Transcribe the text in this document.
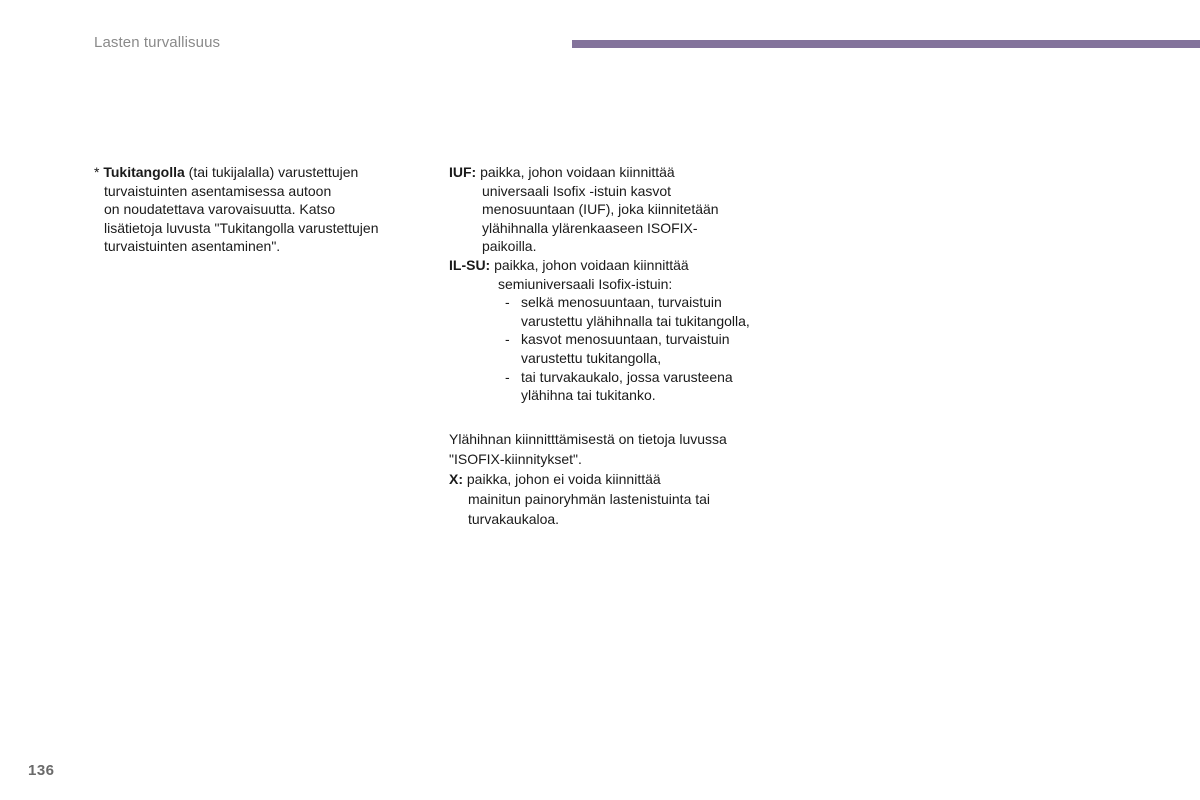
Lasten turvallisuus
* Tukitangolla (tai tukijalalla) varustettujen
turvaistuinten asentamisessa autoon
on noudatettava varovaisuutta. Katso
lisätietoja luvusta "Tukitangolla varustettujen
turvaistuinten asentaminen".
IUF: paikka, johon voidaan kiinnittää
universaali Isofix -istuin kasvot
menosuuntaan (IUF), joka kiinnitetään
ylähihnalla ylärenkaaseen ISOFIX-
paikoilla.
IL-SU: paikka, johon voidaan kiinnittää
semiuniversaali Isofix-istuin:
- selkä menosuuntaan, turvaistuin
varustettu ylähihnalla tai tukitangolla,
- kasvot menosuuntaan, turvaistuin
varustettu tukitangolla,
- tai turvakaukalo, jossa varusteena
ylähihna tai tukitanko.
Ylähihnan kiinnitttämisestä on tietoja luvussa
"ISOFIX-kiinnitykset".
X: paikka, johon ei voida kiinnittää
mainitun painoryhmän lastenistuinta tai
turvakaukaloa.
136
